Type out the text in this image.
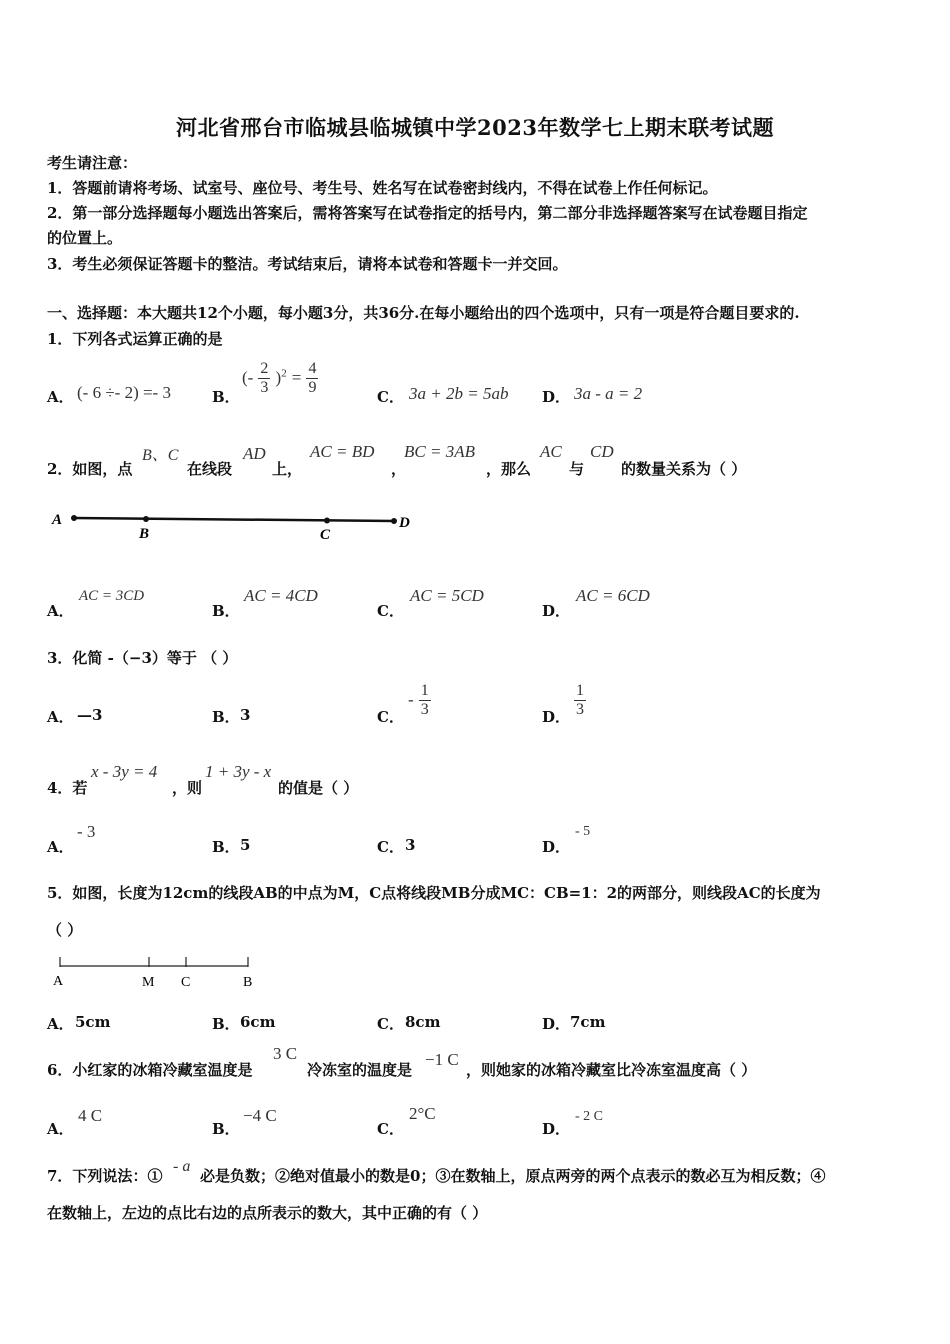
河北省邢台市临城县临城镇中学2023年数学七上期末联考试题
考生请注意：
1．答题前请将考场、试室号、座位号、考生号、姓名写在试卷密封线内，不得在试卷上作任何标记。
2．第一部分选择题每小题选出答案后，需将答案写在试卷指定的括号内，第二部分非选择题答案写在试卷题目指定
的位置上。
3．考生必须保证答题卡的整洁。考试结束后，请将本试卷和答题卡一并交回。
一、选择题：本大题共12个小题，每小题3分，共36分.在每小题给出的四个选项中，只有一项是符合题目要求的.
1．下列各式运算正确的是
A． (- 6 ÷- 2) =- 3	B．
(- $\frac{2}{3} )^2 = \frac{4}{9}$	C． 3a + 2b = 5ab D． 3a - a = 2
2．如图，点
B、C
在线段
AD
上，
AC = BD
，
BC = 3AB
，那么
AC
与
CD
的数量关系为（ ）
A
B	C
D
A．
AC = 3CD
B．
AC = 4CD
C．
AC = 5CD
D．
AC = 6CD
3．化简 -（−3）等于 （ ）
A． —3	B． 3	C．
- $\frac{1}{3}$	D． $\frac{1}{3}$
4．若
x - 3y = 4
，则
1 + 3y - x
的值是（ ）
A．
- 3
B． 5	C． 3	D．
- 5
5．如图，长度为12cm的线段AB的中点为M，C点将线段MB分成MC：CB=1：2的两部分，则线段AC的长度为
（ ）
A	M C	B
A． 5cm	B． 6cm	C． 8cm	D． 7cm
6．小红家的冰箱冷藏室温度是
3 C
冷冻室的温度是
−1 C
，则她家的冰箱冷藏室比冷冻室温度高（ ）
A．
4 C
B．
−4 C
C．
2°C
D．
- 2 C
7．下列说法：①
- a
必是负数；②绝对值最小的数是0；③在数轴上，原点两旁的两个点表示的数必互为相反数；④
在数轴上，左边的点比右边的点所表示的数大，其中正确的有（ ）
